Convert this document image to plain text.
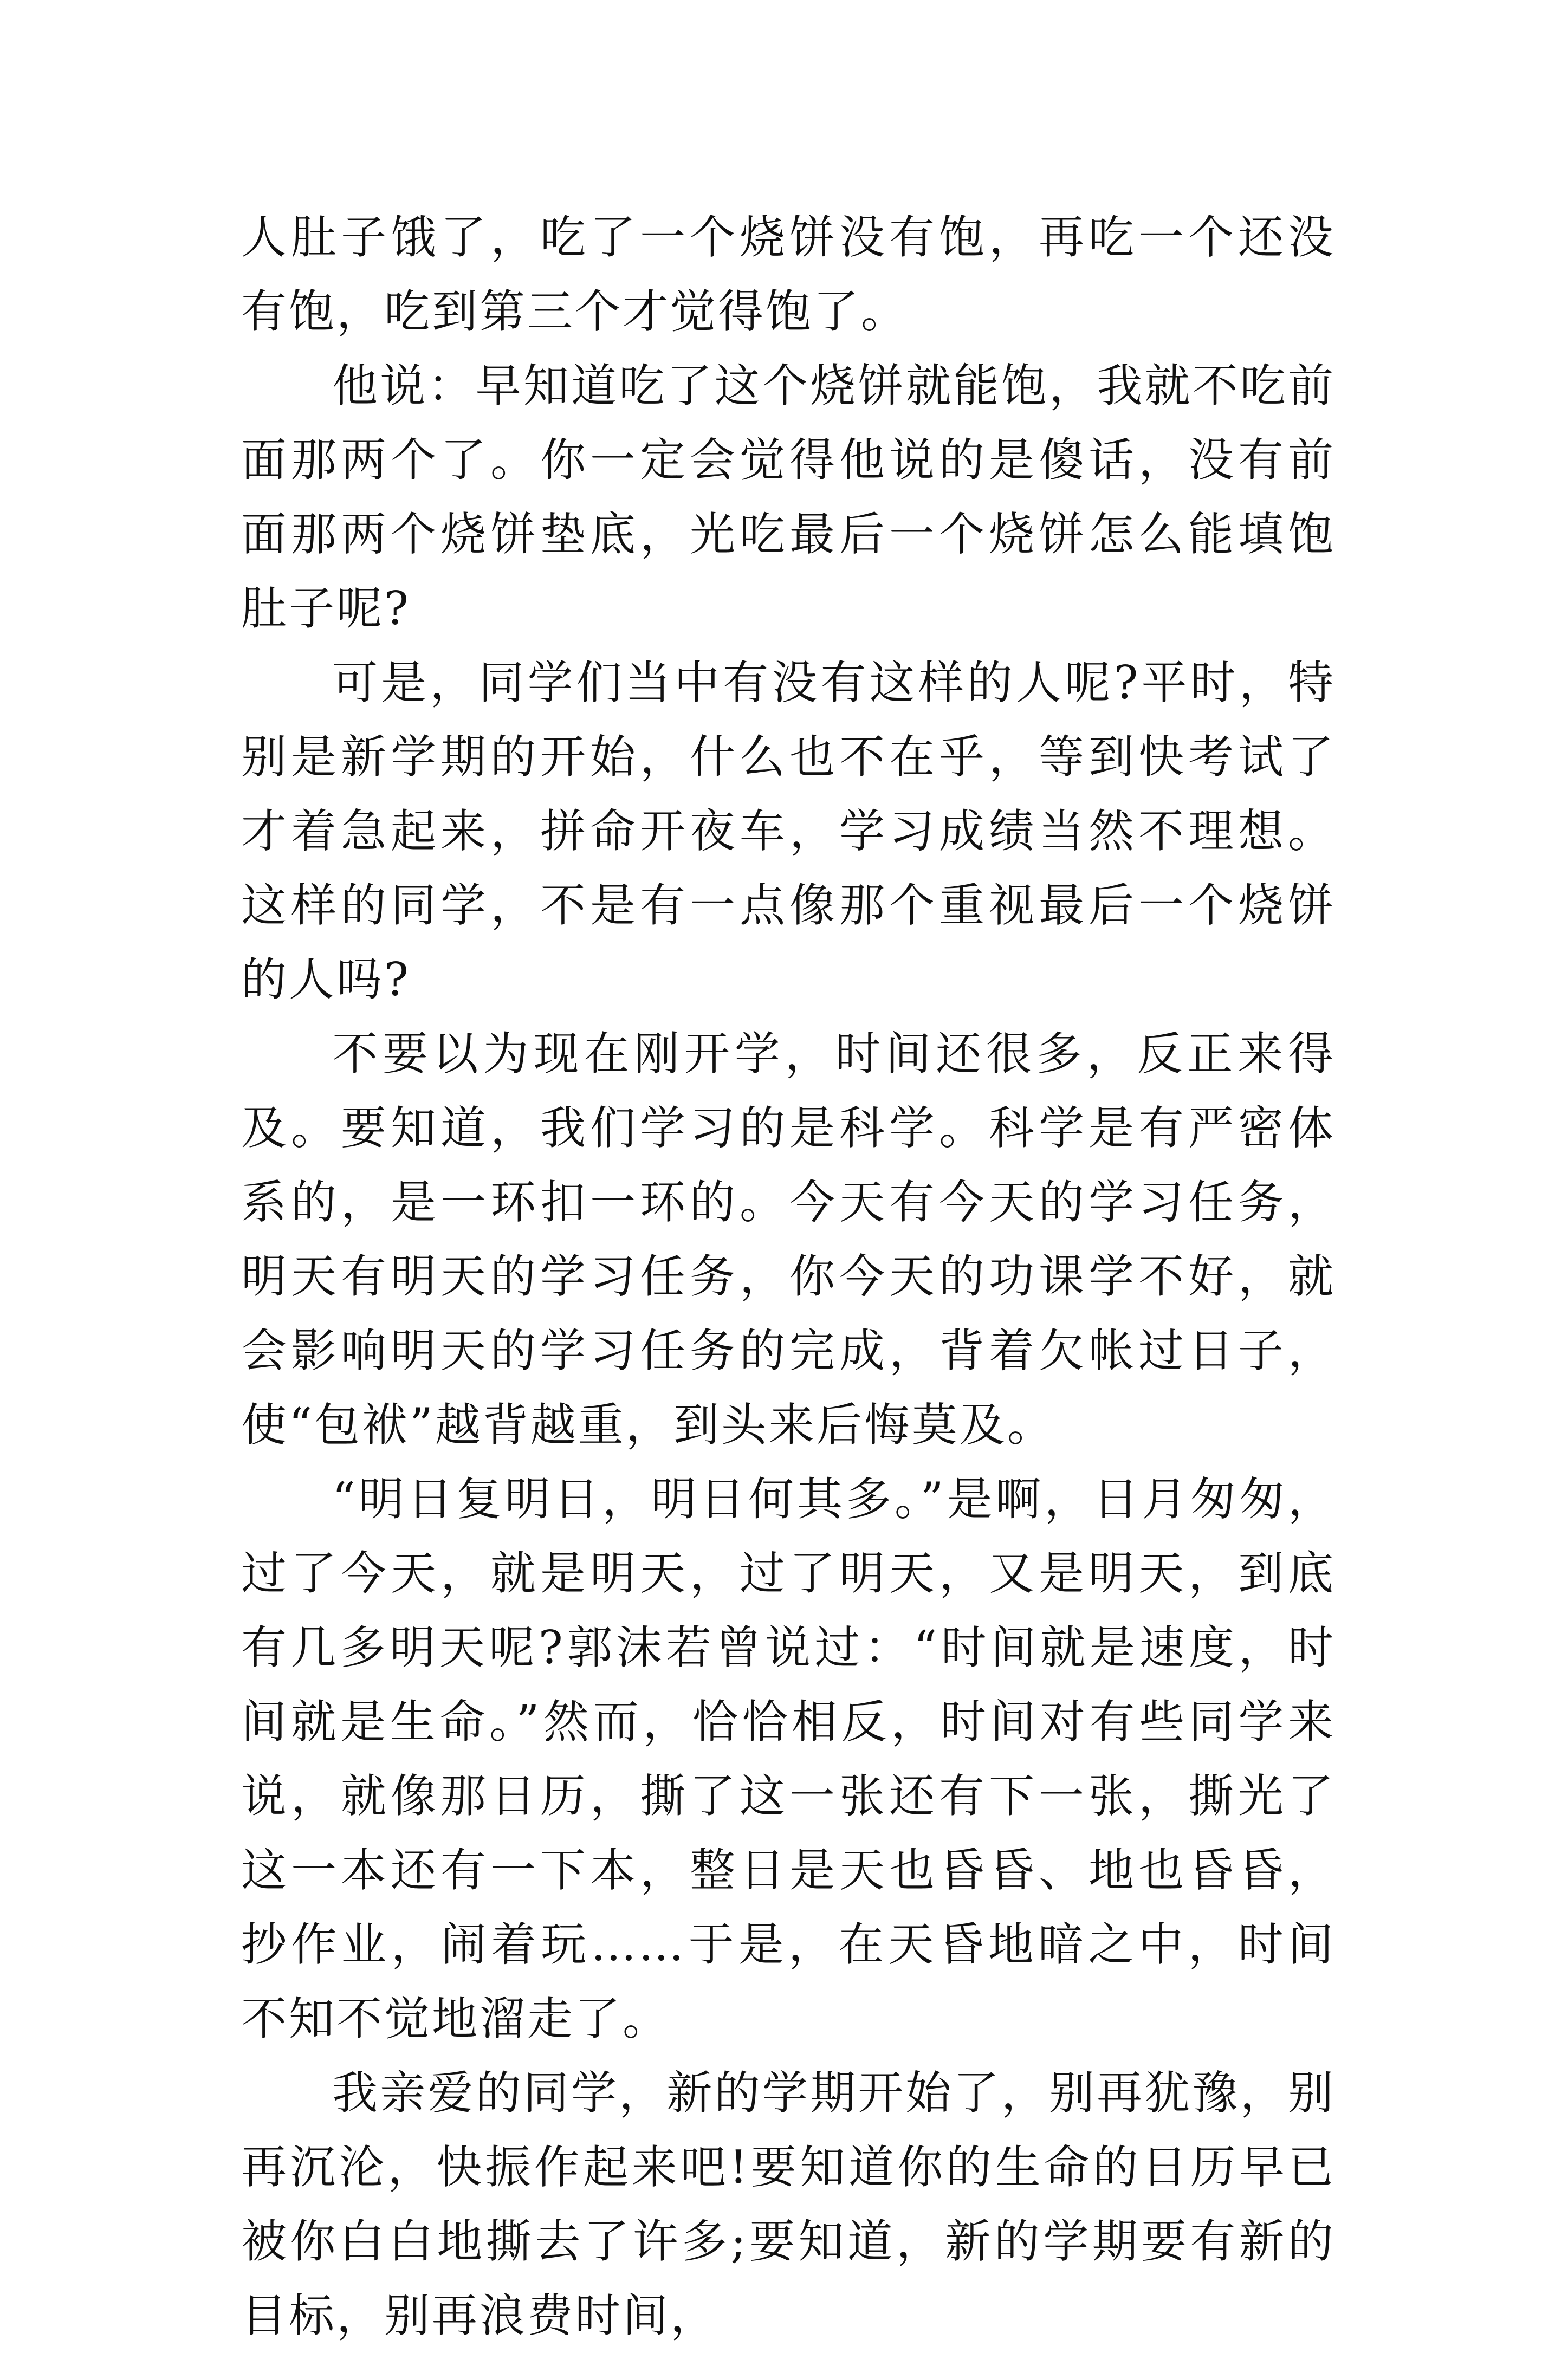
人肚子饿了，吃了一个烧饼没有饱，再吃一个还没有饱，吃到第三个才觉得饱了。

他说：早知道吃了这个烧饼就能饱，我就不吃前面那两个了。你一定会觉得他说的是傻话，没有前面那两个烧饼垫底，光吃最后一个烧饼怎么能填饱肚子呢?

可是，同学们当中有没有这样的人呢?平时，特别是新学期的开始，什么也不在乎，等到快考试了才着急起来，拼命开夜车，学习成绩当然不理想。这样的同学，不是有一点像那个重视最后一个烧饼的人吗?

不要以为现在刚开学，时间还很多，反正来得及。要知道，我们学习的是科学。科学是有严密体系的，是一环扣一环的。今天有今天的学习任务，明天有明天的学习任务，你今天的功课学不好，就会影响明天的学习任务的完成，背着欠帐过日子，使“包袱”越背越重，到头来后悔莫及。

“明日复明日，明日何其多。”是啊，日月匆匆，过了今天，就是明天，过了明天，又是明天，到底有几多明天呢?郭沫若曾说过：“时间就是速度，时间就是生命。”然而，恰恰相反，时间对有些同学来说，就像那日历，撕了这一张还有下一张，撕光了这一本还有一下本，整日是天也昏昏、地也昏昏，抄作业，闹着玩……于是，在天昏地暗之中，时间不知不觉地溜走了。

我亲爱的同学，新的学期开始了，别再犹豫，别再沉沦，快振作起来吧!要知道你的生命的日历早已被你白白地撕去了许多;要知道，新的学期要有新的目标，别再浪费时间，
